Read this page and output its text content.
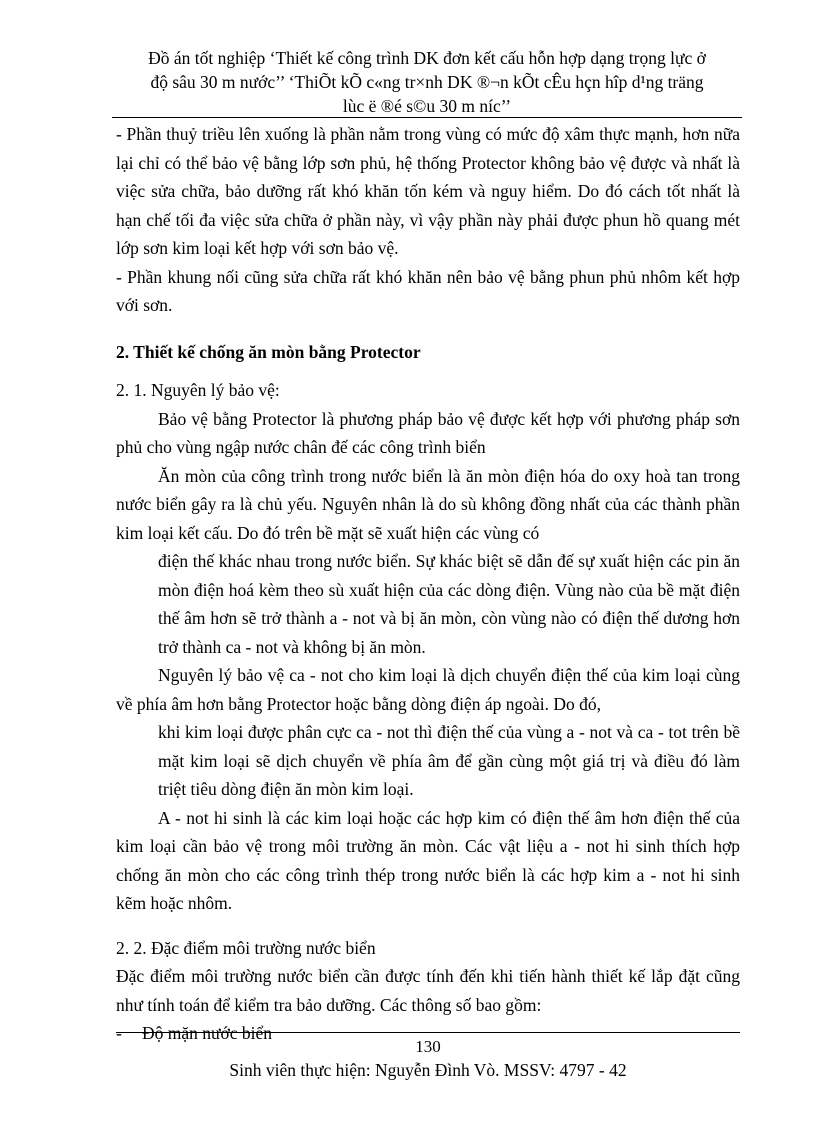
Đồ án tốt nghiệp ‘Thiết kế công trình DK đơn kết cấu hỗn hợp dạng trọng lực ở
độ sâu 30 m nước’’ ‘ThiÕt kÕ c«ng tr×nh DK ®¬n kÕt cÊu hçn hîp d¹ng träng
lùc ë ®é s©u 30 m níc’’

- Phần thuỷ triều lên xuống là phần nằm trong vùng có mức độ xâm thực mạnh, hơn nữa lại chỉ có thể bảo vệ bằng lớp sơn phủ, hệ thống Protector không bảo vệ được và nhất là việc sửa chữa, bảo dưỡng rất khó khăn tốn kém và nguy hiểm. Do đó cách tốt nhất là hạn chế tối đa việc sửa chữa ở phần này, vì vậy phần này phải được phun hồ quang mét lớp sơn kim loại kết hợp với sơn bảo vệ.

- Phần khung nối cũng sửa chữa rất khó khăn nên bảo vệ bằng phun phủ nhôm kết hợp với sơn.

2. Thiết kế chống ăn mòn bằng Protector

2. 1. Nguyên lý bảo vệ:

Bảo vệ bằng Protector là phương pháp bảo vệ được kết hợp với phương pháp sơn phủ cho vùng ngập nước chân đế các công trình biển

Ăn mòn của công trình trong nước biển là ăn mòn điện hóa do oxy hoà tan trong nước biển gây ra là chủ yếu. Nguyên nhân là do sù không đồng nhất của các thành phần kim loại kết cấu. Do đó trên bề mặt sẽ xuất hiện các vùng có

điện thế khác nhau trong nước biển. Sự khác biệt sẽ dẫn đế sự xuất hiện các pin ăn mòn điện hoá kèm theo sù xuất hiện của các dòng điện. Vùng nào của bề mặt điện thế âm hơn sẽ trở thành a - not và bị ăn mòn, còn vùng nào có điện thế dương hơn trở thành ca - not và không bị ăn mòn.

Nguyên lý bảo vệ ca - not cho kim loại là dịch chuyển điện thế của kim loại cùng về phía âm hơn bằng Protector hoặc bằng dòng điện áp ngoài. Do đó,

khi kim loại được phân cực ca - not thì điện thế của vùng a - not và ca - tot trên bề mặt kim loại sẽ dịch chuyển về phía âm để gần cùng một giá trị và điều đó làm triệt tiêu dòng điện ăn mòn kim loại.

A - not hi sinh là các kim loại hoặc các hợp kim có điện thế âm hơn điện thế của kim loại cần bảo vệ trong môi trường ăn mòn. Các vật liệu a - not hi sinh thích hợp chống ăn mòn cho các công trình thép trong nước biển là các hợp kim a - not hi sinh kẽm hoặc nhôm.

2. 2. Đặc điểm môi trường nước biển

Đặc điểm môi trường nước biển cần được tính đến khi tiến hành thiết kế lắp đặt cũng như tính toán để kiểm tra bảo dưỡng. Các thông số bao gồm:

-	Độ mặn nước biển

130
Sinh viên thực hiện: Nguyễn Đình Vò. MSSV: 4797 - 42
